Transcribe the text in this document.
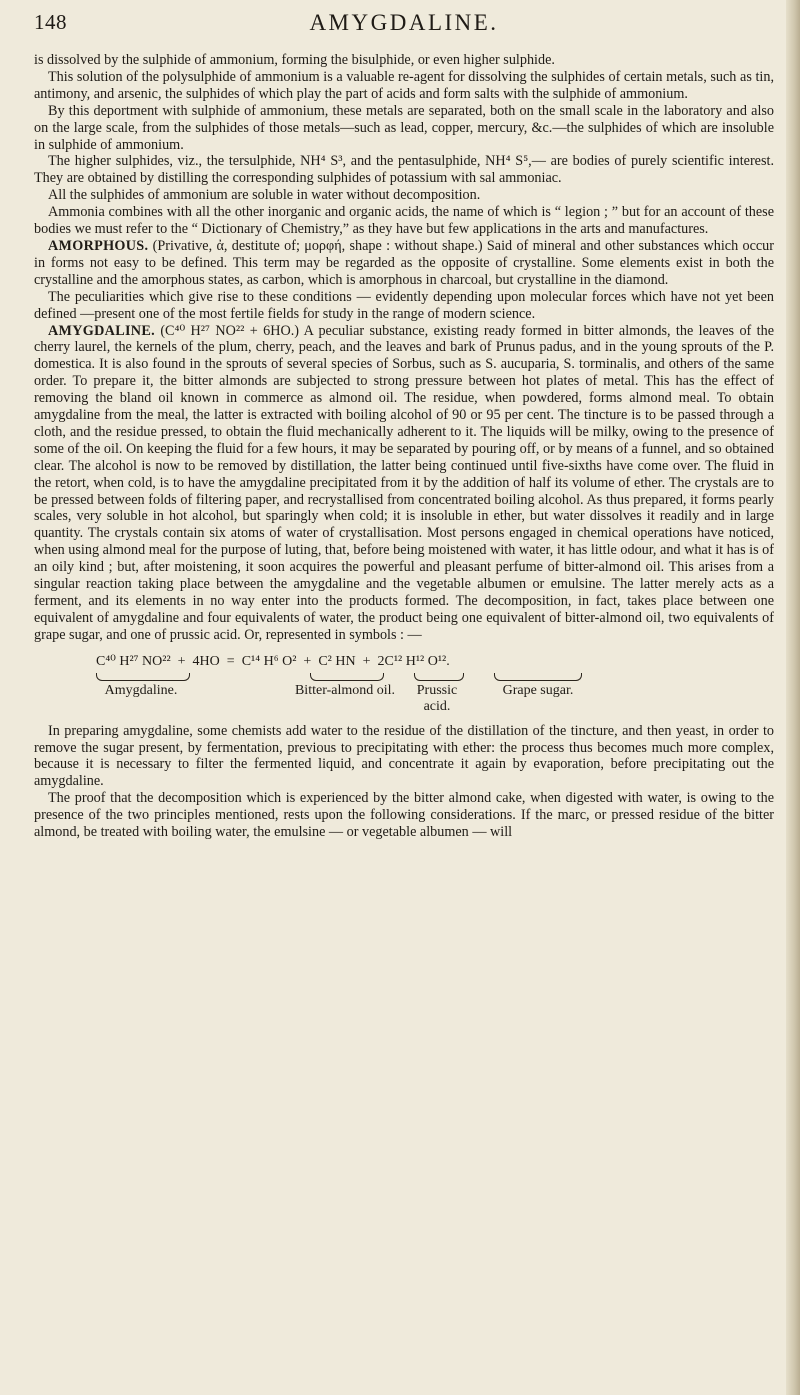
148	AMYGDALINE.

is dissolved by the sulphide of ammonium, forming the bisulphide, or even higher sulphide.

This solution of the polysulphide of ammonium is a valuable re-agent for dissolving the sulphides of certain metals, such as tin, antimony, and arsenic, the sulphides of which play the part of acids and form salts with the sulphide of ammonium.

By this deportment with sulphide of ammonium, these metals are separated, both on the small scale in the laboratory and also on the large scale, from the sulphides of those metals—such as lead, copper, mercury, &c.—the sulphides of which are insoluble in sulphide of ammonium.

The higher sulphides, viz., the tersulphide, NH⁴ S³, and the pentasulphide, NH⁴ S⁵,— are bodies of purely scientific interest. They are obtained by distilling the corresponding sulphides of potassium with sal ammoniac.

All the sulphides of ammonium are soluble in water without decomposition.

Ammonia combines with all the other inorganic and organic acids, the name of which is “ legion ; ” but for an account of these bodies we must refer to the “ Dictionary of Chemistry,” as they have but few applications in the arts and manufactures.

AMORPHOUS. (Privative, ἀ, destitute of; μορφή, shape : without shape.) Said of mineral and other substances which occur in forms not easy to be defined. This term may be regarded as the opposite of crystalline. Some elements exist in both the crystalline and the amorphous states, as carbon, which is amorphous in charcoal, but crystalline in the diamond.

The peculiarities which give rise to these conditions — evidently depending upon molecular forces which have not yet been defined —present one of the most fertile fields for study in the range of modern science.

AMYGDALINE. (C⁴⁰ H²⁷ NO²² + 6HO.) A peculiar substance, existing ready formed in bitter almonds, the leaves of the cherry laurel, the kernels of the plum, cherry, peach, and the leaves and bark of Prunus padus, and in the young sprouts of the P. domestica. It is also found in the sprouts of several species of Sorbus, such as S. aucuparia, S. torminalis, and others of the same order. To prepare it, the bitter almonds are subjected to strong pressure between hot plates of metal. This has the effect of removing the bland oil known in commerce as almond oil. The residue, when powdered, forms almond meal. To obtain amygdaline from the meal, the latter is extracted with boiling alcohol of 90 or 95 per cent. The tincture is to be passed through a cloth, and the residue pressed, to obtain the fluid mechanically adherent to it. The liquids will be milky, owing to the presence of some of the oil. On keeping the fluid for a few hours, it may be separated by pouring off, or by means of a funnel, and so obtained clear. The alcohol is now to be removed by distillation, the latter being continued until five-sixths have come over. The fluid in the retort, when cold, is to have the amygdaline precipitated from it by the addition of half its volume of ether. The crystals are to be pressed between folds of filtering paper, and recrystallised from concentrated boiling alcohol. As thus prepared, it forms pearly scales, very soluble in hot alcohol, but sparingly when cold; it is insoluble in ether, but water dissolves it readily and in large quantity. The crystals contain six atoms of water of crystallisation. Most persons engaged in chemical operations have noticed, when using almond meal for the purpose of luting, that, before being moistened with water, it has little odour, and what it has is of an oily kind ; but, after moistening, it soon acquires the powerful and pleasant perfume of bitter-almond oil. This arises from a singular reaction taking place between the amygdaline and the vegetable albumen or emulsine. The latter merely acts as a ferment, and its elements in no way enter into the products formed. The decomposition, in fact, takes place between one equivalent of amygdaline and four equivalents of water, the product being one equivalent of bitter-almond oil, two equivalents of grape sugar, and one of prussic acid. Or, represented in symbols : —

C⁴⁰ H²⁷ NO²² + 4HO = C¹⁴ H⁶ O² + C² HN + 2C¹² H¹² O¹².
Amygdaline.	Bitter-almond oil.	Prussic acid.
Grape sugar.

In preparing amygdaline, some chemists add water to the residue of the distillation of the tincture, and then yeast, in order to remove the sugar present, by fermentation, previous to precipitating with ether: the process thus becomes much more complex, because it is necessary to filter the fermented liquid, and concentrate it again by evaporation, before precipitating out the amygdaline.

The proof that the decomposition which is experienced by the bitter almond cake, when digested with water, is owing to the presence of the two principles mentioned, rests upon the following considerations. If the marc, or pressed residue of the bitter almond, be treated with boiling water, the emulsine — or vegetable albumen — will
